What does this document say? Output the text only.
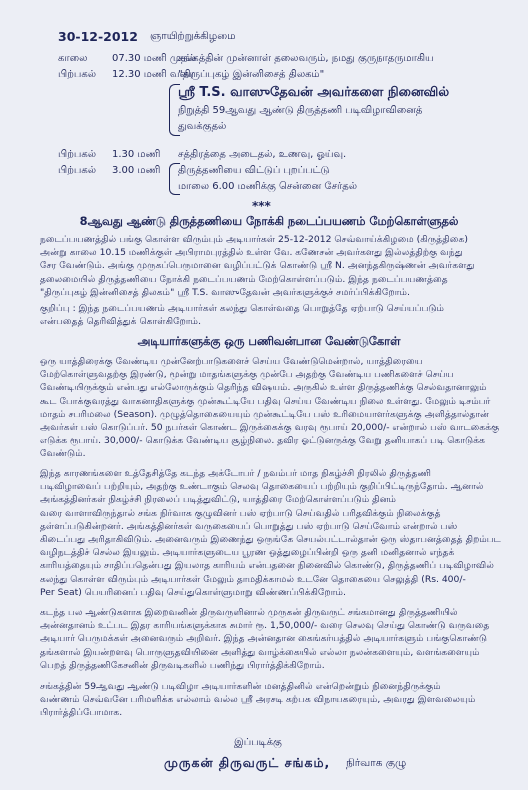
30-12-2012 ஞாயிற்றுக்கிழமை
காலை 07.30 மணி முதல்
பிற்பகல் 12.30 மணி வரை
சங்கத்தின் முன்னாள் தலைவரும், நமது குருநாதருமாகிய
"திருப்புகழ் இன்னிசைத் திலகம்"
ஸ்ரீ T.S. வாஸுதேவன் அவர்களை நினைவில்
நிறுத்தி 59ஆவது ஆண்டு திருத்தணி படிவிழாவினைத்
துவக்குதல்
பிற்பகல் 1.30 மணி சத்திரத்தை அடைதல், உணவு, ஓய்வு.
பிற்பகல் 3.00 மணி திருத்தணியை விட்டுப் புறப்பட்டு
மாலை 6.00 மணிக்கு சென்னை சேர்தல்
***
8ஆவது ஆண்டு திருத்தணியை நோக்கி நடைப்பயணம் மேற்கொள்ளுதல்
நடைப்பயணத்தில் பங்கு கொள்ள விரும்பும் அடியார்கள் 25-12-2012 செவ்வாய்க்கிழமை (கிருத்திகை)
அன்று காலை 10.15 மணிக்குள் அபிராமபுரத்தில் உள்ள வே. கணேசன் அவர்களது இல்லத்திற்கு வந்து
சேர வேண்டும். அங்கு முருகப்பெருமானை வழிப்பட்டுக் கொண்டு ஸ்ரீ N. அனந்தகிருஷ்ணன் அவர்களது
தலைமையில் திருத்தணியை நோக்கி நடைப்பயணம் மேற்கொள்ளப்படும். இந்த நடைப்பயணத்தை
"திருப்புகழ் இன்னிசைத் திலகம்" ஸ்ரீ T.S. வாஸுதேவன் அவர்களுக்குச் சமர்ப்பிக்கிறோம்.
குறிப்பு : இந்த நடைப்பயணம் அடியார்கள் கலந்து கொள்வதை பொறுத்தே ஏற்பாடு செய்யப்படும்
என்பதைத் தெரிவித்துக் கொள்கிறோம்.
அடியார்களுக்கு ஒரு பணிவன்பான வேண்டுகோள்
ஒரு யாத்திரைக்கு வேண்டிய முன்னேற்பாடுகளைச் செய்ய வேண்டுமென்றால், யாத்திரையை
மேற்கொள்ளுவதற்கு இரண்டு, மூன்று மாதங்களுக்கு முன்பே அதற்கு வேண்டிய பணிகளைச் செய்ய
வேண்டியிருக்கும் என்பது எல்லோருக்கும் தெரிந்த விஷயம். அருகில் உள்ள திருத்தணிக்கு செல்வதானாலும்
கூட போக்குவரத்து வாகனாதிகளுக்கு முன்கூட்டியே பதிவு செய்ய வேண்டிய நிலை உள்ளது. மேலும் டிசம்பர்
மாதம் சபரிமலை (Season). முழுத்தொகையையும் முன்கூட்டியே பஸ் உரிமையாளர்களுக்கு அளித்தால்தான்
அவர்கள் பஸ் கொடுப்பர். 50 நபர்கள் கொண்ட இருக்கைக்கு வரவு ரூபாய் 20,000/- என்றால் பஸ் வாடகைக்கு
எடுக்க ரூபாய். 30,000/- கொடுக்க வேண்டிய சூழ்நிலை. தவிர ஓட்டுனருக்கு வேறு தனியாகப் படி கொடுக்க
வேண்டும்.
இந்த காரணங்களை உத்தேசித்தே கடந்த அக்டோபர் / நவம்பர் மாத நிகழ்ச்சி நிரலில் திருத்தணி
படிவிழாவைப் பற்றியும், அதற்கு உண்டாகும் செலவு தொகையைப் பற்றியும் குறிப்பிட்டிருந்தோம். ஆனால்
அங்கத்தினர்கள் நிகழ்ச்சி நிரலைப் படித்துவிட்டு, யாத்திரை மேற்கொள்ளப்படும் தினம்
வரை வாளாவிருந்தால் சங்க நிர்வாக குழுவினர் பஸ் ஏற்பாடு செய்வதில் பரிதவிக்கும் நிலைக்குத்
தள்ளப்படுகின்றனர். அங்கத்தினர்கள் வருகையைப் பொறுத்து பஸ் ஏற்பாடு செய்வோம் என்றால் பஸ்
கிடைப்பது அரிதாகிவிடும். அனைவரும் இணைந்து ஒருங்கே செயல்பட்டால்தான் ஒரு ஸ்தாபனத்தைத் திறம்பட
வழிநடத்திச் செல்ல இயலும். அடியார்களுடைய பூரண ஒத்துழைப்பின்றி ஒரு தனி மனிதனால் எந்தக்
காரியத்தையும் சாதிப்பதென்பது இயலாத காரியம் என்பதனை நினைவில் கொண்டு, திருத்தணிப் படிவிழாவில்
கலந்து கொள்ள விரும்பும் அடியார்கள் மேலும் தாமதிக்காமல் உடனே தொகையை செலுத்தி (Rs. 400/-
Per Seat) பெயரினைப் பதிவு செய்துகொள்ளுமாறு விண்ணப்பிக்கிறோம்.
கடந்த பல ஆண்டுகளாக இறைவனின் திருவருளினால் முருகன் திருவருட் சங்கமானது திருத்தணியில்
அன்னதானம் உட்பட இதர காரியங்களுக்காக சுமார் ரூ. 1,50,000/- வரை செலவு செய்து கொண்டு வருவதை
அடியார் பெருமக்கள் அனைவரும் அறிவர். இந்த அன்னதான கைங்கர்யத்தில் அடியார்களும் பங்குகொண்டு
தங்களால் இயன்றளவு பொருளுதவியினை அளித்து வாழ்க்கையில் எல்லா நலன்களையும், வளங்களையும்
பெறத் திருத்தணிகேசனின் திருவடிகளில் பணிந்து பிரார்த்திக்கிறோம்.
சங்கத்தின் 59ஆவது ஆண்டு படிவிழா அடியார்களின் மனத்தினில் என்றென்றும் நினைந்திருக்கும்
வண்ணம் செவ்வனே பரிமளிக்க எல்லாம் வல்ல ஸ்ரீ அரசடி கற்பக விநாயகரையும், அவரது இளவலையும்
பிரார்த்திப்போமாக.
இப்படிக்கு
முருகன் திருவருட் சங்கம், நிர்வாக குழு
